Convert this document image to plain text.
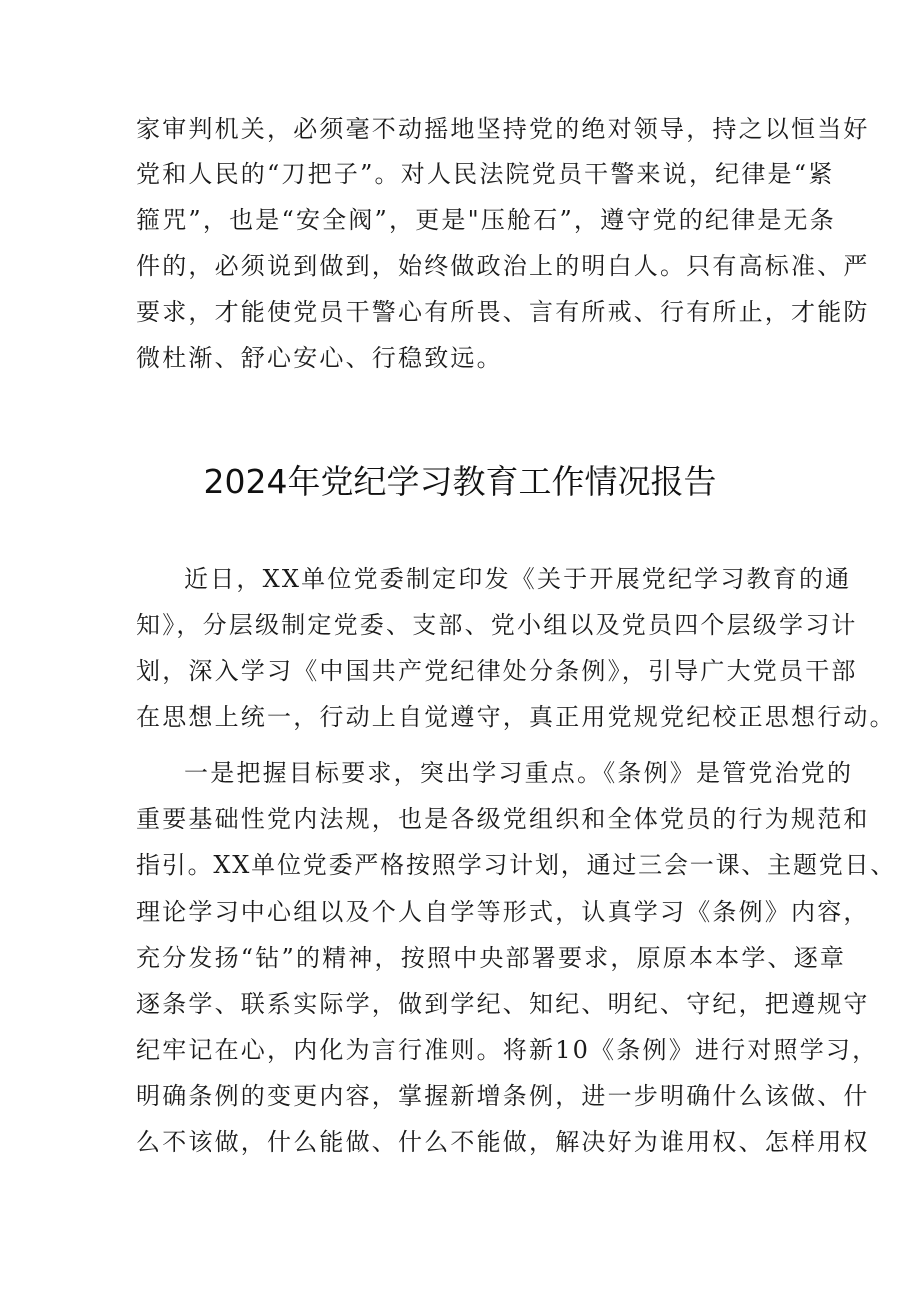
家审判机关，必须毫不动摇地坚持党的绝对领导，持之以恒当好
党和人民的“刀把子”。对人民法院党员干警来说，纪律是“紧
箍咒”，也是“安全阀”，更是"压舱石”，遵守党的纪律是无条
件的，必须说到做到，始终做政治上的明白人。只有高标准、严
要求，才能使党员干警心有所畏、言有所戒、行有所止，才能防
微杜渐、舒心安心、行稳致远。
2024年党纪学习教育工作情况报告
近日，XX单位党委制定印发《关于开展党纪学习教育的通
知》，分层级制定党委、支部、党小组以及党员四个层级学习计
划，深入学习《中国共产党纪律处分条例》，引导广大党员干部
在思想上统一，行动上自觉遵守，真正用党规党纪校正思想行动。
一是把握目标要求，突出学习重点。《条例》是管党治党的
重要基础性党内法规，也是各级党组织和全体党员的行为规范和
指引。XX单位党委严格按照学习计划，通过三会一课、主题党日、
理论学习中心组以及个人自学等形式，认真学习《条例》内容，
充分发扬“钻”的精神，按照中央部署要求，原原本本学、逐章
逐条学、联系实际学，做到学纪、知纪、明纪、守纪，把遵规守
纪牢记在心，内化为言行准则。将新10《条例》进行对照学习，
明确条例的变更内容，掌握新增条例，进一步明确什么该做、什
么不该做，什么能做、什么不能做，解决好为谁用权、怎样用权
